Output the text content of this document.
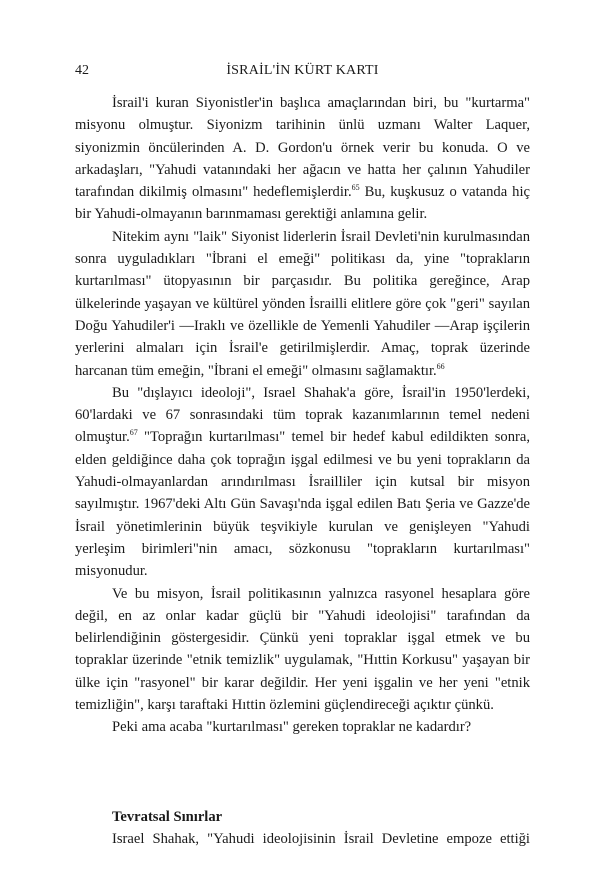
42	İSRAİL'İN KÜRT KARTI

İsrail'i kuran Siyonistler'in başlıca amaçlarından biri, bu "kurtarma" misyonu olmuştur. Siyonizm tarihinin ünlü uzmanı Walter Laquer, siyonizmin öncülerinden A. D. Gordon'u örnek verir bu konuda. O ve arkadaşları, "Yahudi vatanındaki her ağacın ve hatta her çalının Yahudiler tarafından dikilmiş olmasını" hedeflemişlerdir.$^{65}$ Bu, kuşkusuz o vatanda hiç bir Yahudi-olmayanın barınmaması gerektiği anlamına gelir.

Nitekim aynı "laik" Siyonist liderlerin İsrail Devleti'nin kurulmasından sonra uyguladıkları "İbrani el emeği" politikası da, yine "toprakların kurtarılması" ütopyasının bir parçasıdır. Bu politika gereğince, Arap ülkelerinde yaşayan ve kültürel yönden İsrailli elitlere göre çok "geri" sayılan Doğu Yahudiler'i —Iraklı ve özellikle de Yemenli Yahudiler —Arap işçilerin yerlerini almaları için İsrail'e getirilmişlerdir. Amaç, toprak üzerinde harcanan tüm emeğin, "İbrani el emeği" olmasını sağlamaktır.$^{66}$

Bu "dışlayıcı ideoloji", Israel Shahak'a göre, İsrail'in 1950'lerdeki, 60'lardaki ve 67 sonrasındaki tüm toprak kazanımlarının temel nedeni olmuştur.$^{67}$ "Toprağın kurtarılması" temel bir hedef kabul edildikten sonra, elden geldiğince daha çok toprağın işgal edilmesi ve bu yeni toprakların da Yahudi-olmayanlardan arındırılması İsrailliler için kutsal bir misyon sayılmıştır. 1967'deki Altı Gün Savaşı'nda işgal edilen Batı Şeria ve Gazze'de İsrail yönetimlerinin büyük teşvikiyle kurulan ve genişleyen "Yahudi yerleşim birimleri"nin amacı, sözkonusu "toprakların kurtarılması" misyonudur.

Ve bu misyon, İsrail politikasının yalnızca rasyonel hesaplara göre değil, en az onlar kadar güçlü bir "Yahudi ideolojisi" tarafından da belirlendiğinin göstergesidir. Çünkü yeni topraklar işgal etmek ve bu topraklar üzerinde "etnik temizlik" uygulamak, "Hıttin Korkusu" yaşayan bir ülke için "rasyonel" bir karar değildir. Her yeni işgalin ve her yeni "etnik temizliğin", karşı taraftaki Hıttin özlemini güçlendireceği açıktır çünkü.

Peki ama acaba "kurtarılması" gereken topraklar ne kadardır?

Tevratsal Sınırlar

Israel Shahak, "Yahudi ideolojisinin İsrail Devletine empoze ettiği
